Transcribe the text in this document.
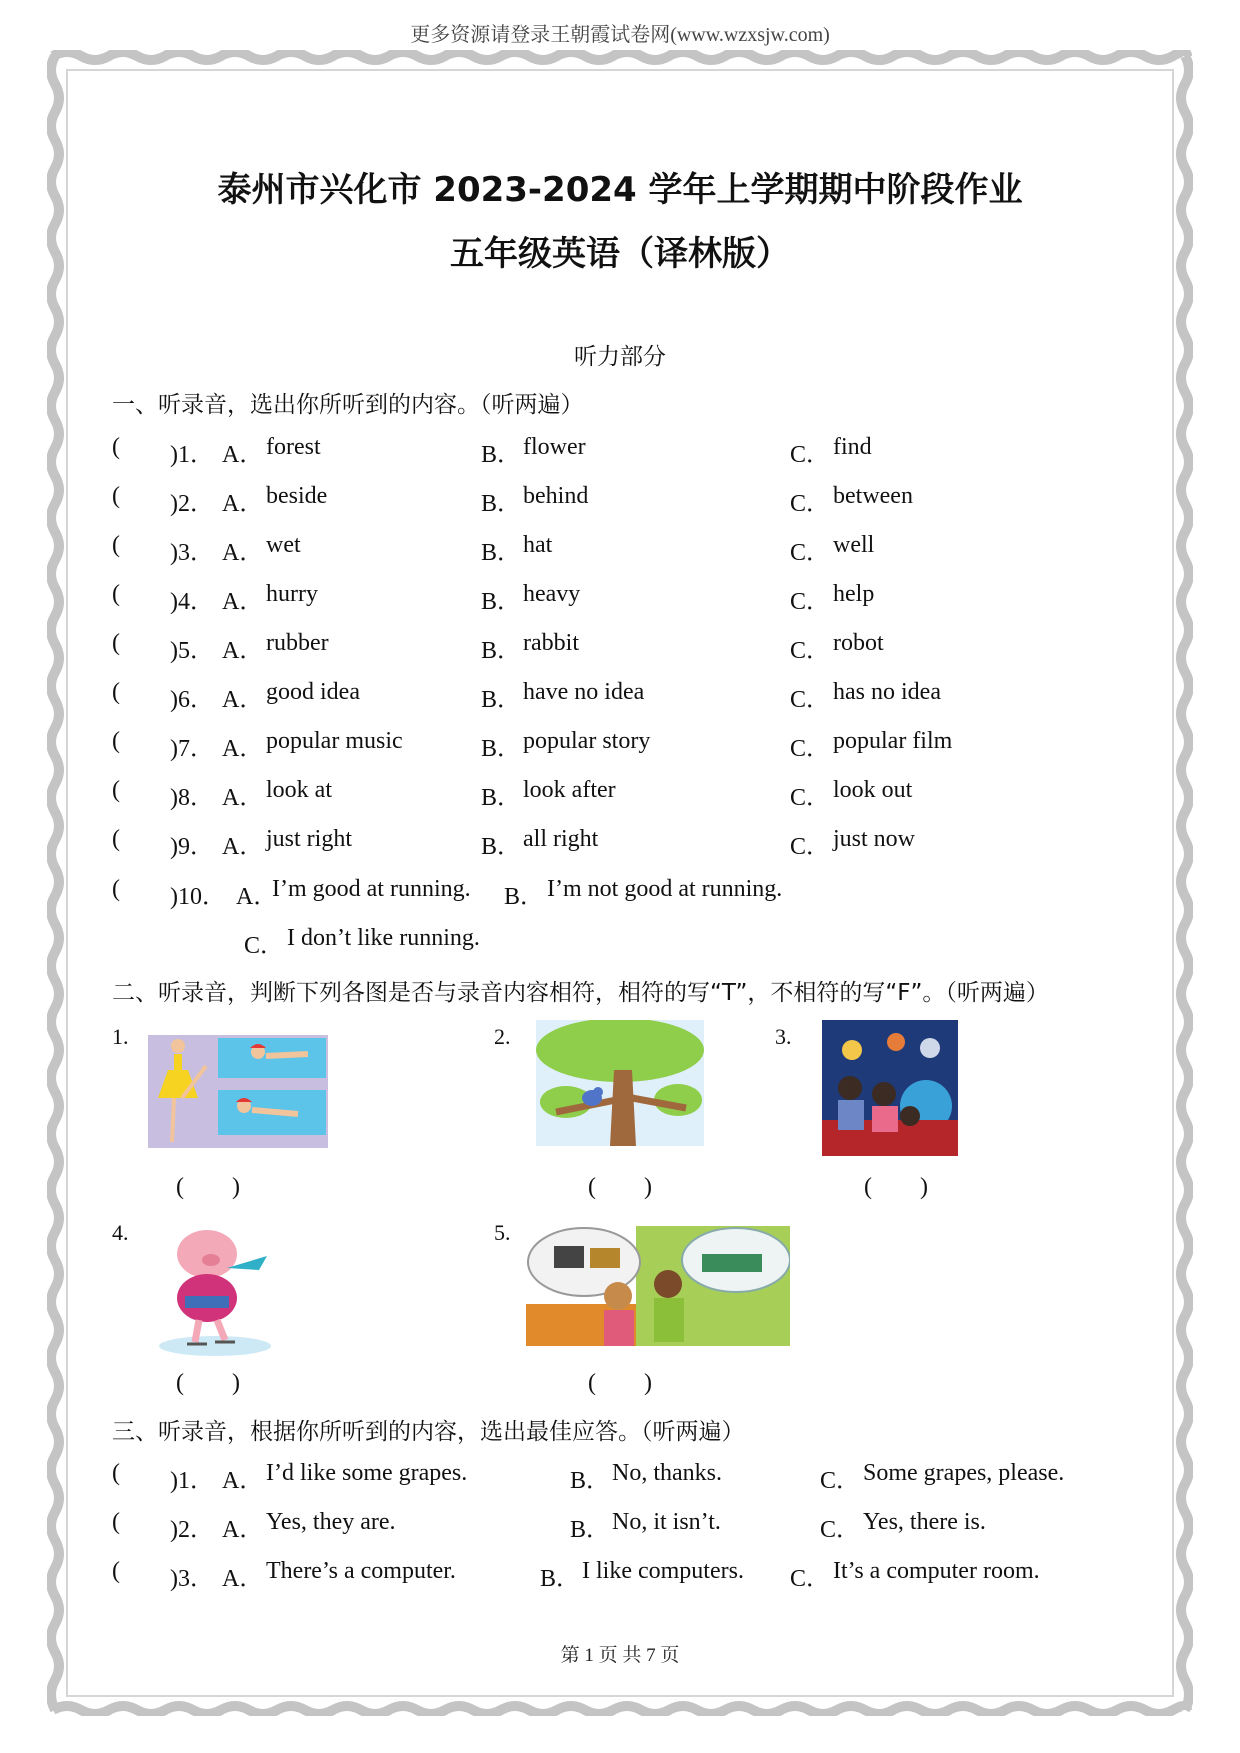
更多资源请登录王朝霞试卷网(www.wzxsjw.com)
泰州市兴化市 2023-2024 学年上学期期中阶段作业
五年级英语（译林版）
听力部分
一、听录音，选出你所听到的内容。（听两遍）
( )1． A． forest	B． flower	C． find
( )2． A． beside	B． behind	C． between
( )3． A． wet	B． hat	C． well
( )4． A． hurry	B． heavy	C． help
( )5． A． rubber	B． rabbit	C． robot
( )6． A． good idea	B． have no idea	C． has no idea
( )7． A． popular music	B． popular story	C． popular film
( )8． A． look at	B． look after	C． look out
( )9． A． just right	B． all right	C． just now
( )10． A．
I’m good at running. B． I’m not good at running.
C． I don’t like running.
二、听录音，判断下列各图是否与录音内容相符，相符的写“T”，不相符的写“F”。（听两遍）
1.
(　　)
2.
(　　)
3.
(　　)
4.
(　　)
5.
(　　)
三、听录音，根据你所听到的内容，选出最佳应答。（听两遍）
( )1． A． I’d like some grapes.	B． No, thanks.	C． Some grapes, please.
( )2． A． Yes, they are.	B． No, it isn’t.	C． Yes, there is.
( )3． A． There’s a computer.	B． I like computers. C． It’s a computer room.
第 1 页 共 7 页
